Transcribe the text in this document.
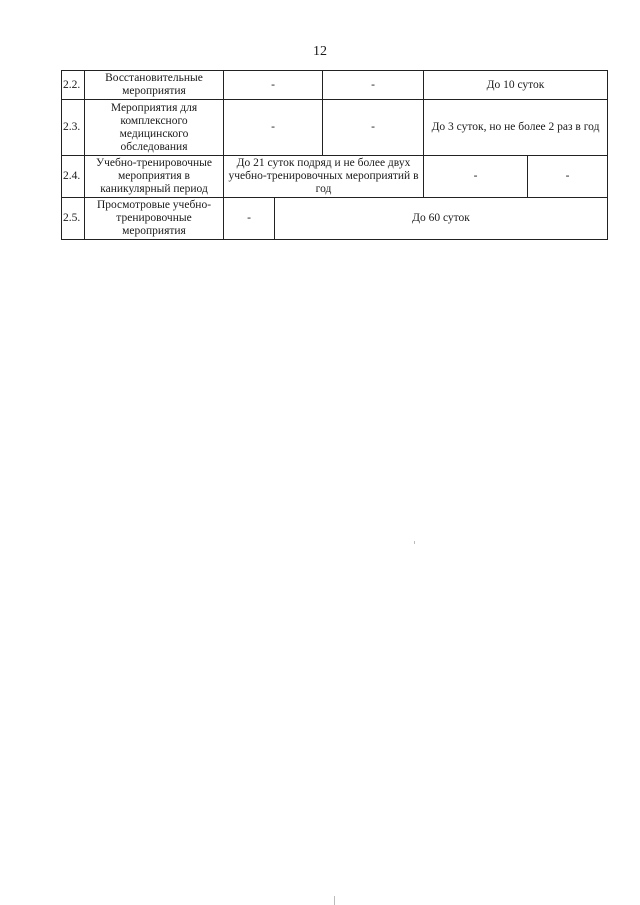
12
2.2.	Восстановительные мероприятия	-		-	До 10 суток	
2.3.	Мероприятия для комплексного медицинского обследования	-		-	До 3 суток, но не более 2 раз в год	
2.4.	Учебно-тренировочные мероприятия в каникулярный период	До 21 суток подряд и не более двух учебно-тренировочных мероприятий в год			-	-
2.5.	Просмотровые учебно-тренировочные мероприятия	-	До 60 суток			
